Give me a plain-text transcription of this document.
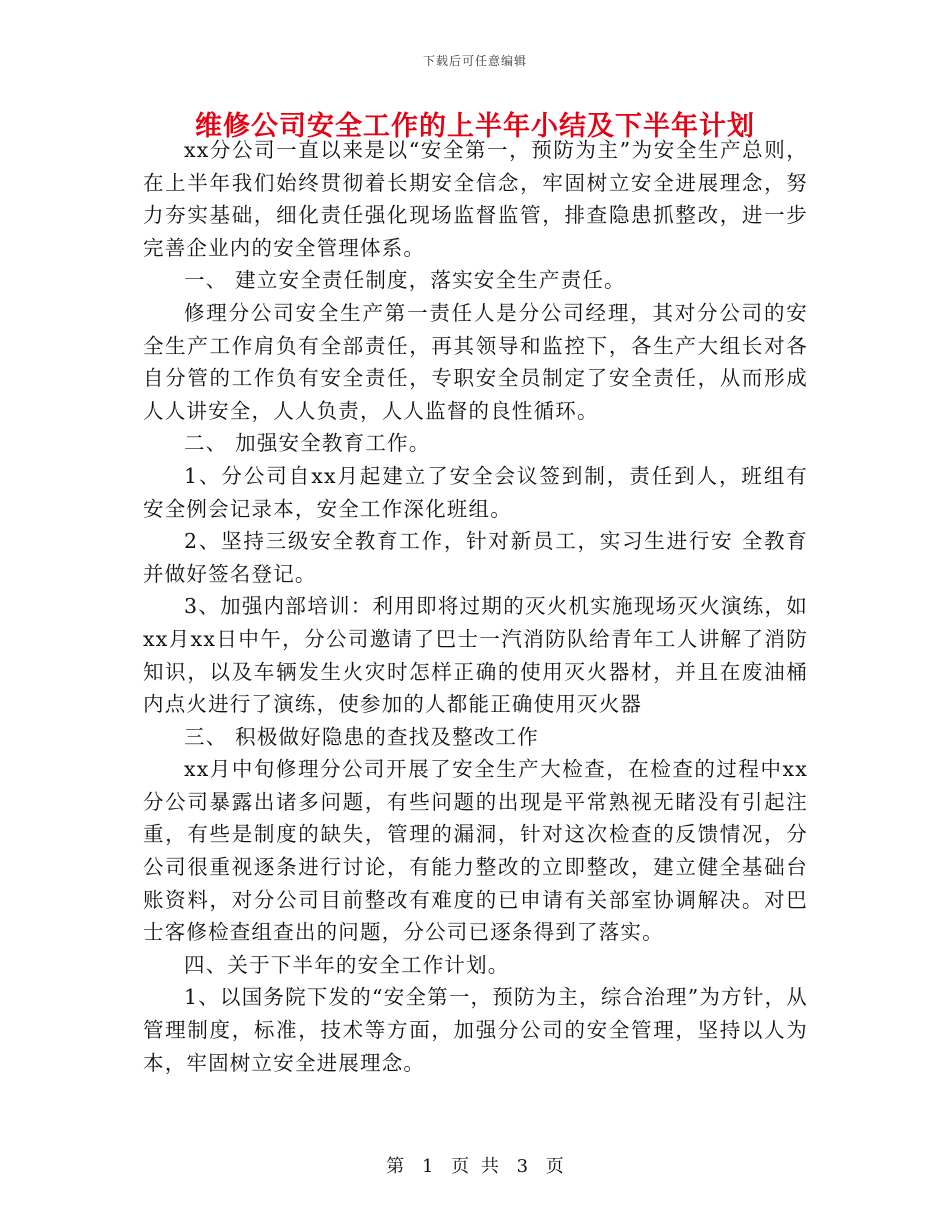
下载后可任意编辑
维修公司安全工作的上半年小结及下半年计划

xx分公司一直以来是以“安全第一，预防为主”为安全生产总则，在上半年我们始终贯彻着长期安全信念，牢固树立安全进展理念，努力夯实基础，细化责任强化现场监督监管，排查隐患抓整改，进一步完善企业内的安全管理体系。

一、 建立安全责任制度，落实安全生产责任。

修理分公司安全生产第一责任人是分公司经理，其对分公司的安全生产工作肩负有全部责任，再其领导和监控下，各生产大组长对各自分管的工作负有安全责任，专职安全员制定了安全责任，从而形成人人讲安全，人人负责，人人监督的良性循环。

二、 加强安全教育工作。

1、分公司自xx月起建立了安全会议签到制，责任到人，班组有安全例会记录本，安全工作深化班组。

2、坚持三级安全教育工作，针对新员工，实习生进行安 全教育并做好签名登记。

3、加强内部培训：利用即将过期的灭火机实施现场灭火演练，如xx月xx日中午，分公司邀请了巴士一汽消防队给青年工人讲解了消防知识，以及车辆发生火灾时怎样正确的使用灭火器材，并且在废油桶内点火进行了演练，使参加的人都能正确使用灭火器

三、 积极做好隐患的查找及整改工作

xx月中旬修理分公司开展了安全生产大检查，在检查的过程中xx分公司暴露出诸多问题，有些问题的出现是平常熟视无睹没有引起注重，有些是制度的缺失，管理的漏洞，针对这次检查的反馈情况，分公司很重视逐条进行讨论，有能力整改的立即整改，建立健全基础台账资料，对分公司目前整改有难度的已申请有关部室协调解决。对巴士客修检查组查出的问题，分公司已逐条得到了落实。

四、关于下半年的安全工作计划。

1、以国务院下发的“安全第一，预防为主，综合治理”为方针，从管理制度，标准，技术等方面，加强分公司的安全管理，坚持以人为本，牢固树立安全进展理念。

第 1 页 共 3 页
